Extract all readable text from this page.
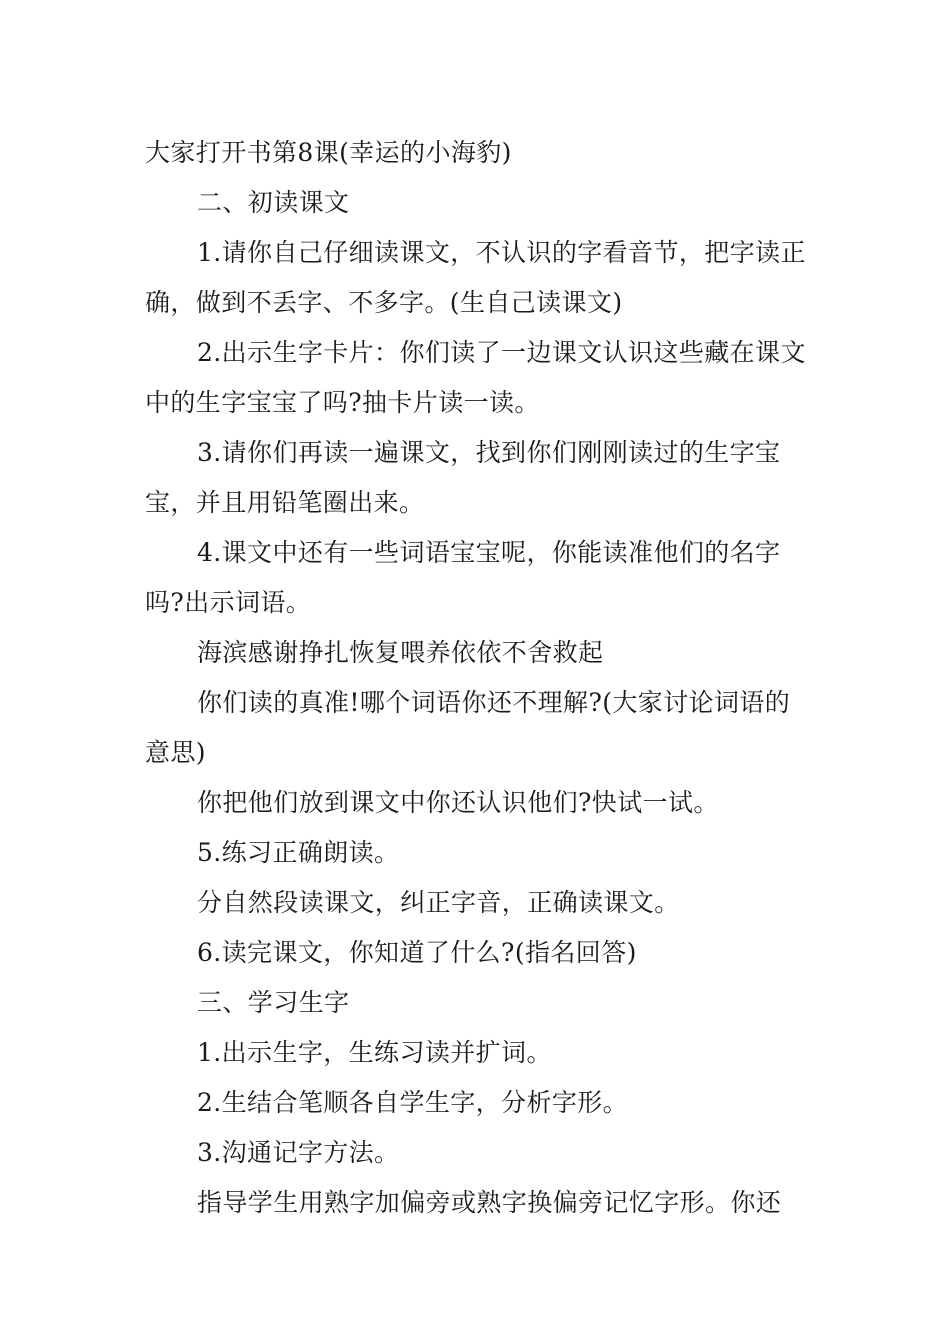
大家打开书第8课(幸运的小海豹)

二、初读课文

1.请你自己仔细读课文，不认识的字看音节，把字读正确，做到不丢字、不多字。(生自己读课文)

2.出示生字卡片：你们读了一边课文认识这些藏在课文中的生字宝宝了吗?抽卡片读一读。

3.请你们再读一遍课文，找到你们刚刚读过的生字宝宝，并且用铅笔圈出来。

4.课文中还有一些词语宝宝呢，你能读准他们的名字吗?出示词语。

海滨感谢挣扎恢复喂养依依不舍救起

你们读的真准!哪个词语你还不理解?(大家讨论词语的意思)

你把他们放到课文中你还认识他们?快试一试。

5.练习正确朗读。

分自然段读课文，纠正字音，正确读课文。

6.读完课文，你知道了什么?(指名回答)

三、学习生字

1.出示生字，生练习读并扩词。

2.生结合笔顺各自学生字，分析字形。

3.沟通记字方法。

指导学生用熟字加偏旁或熟字换偏旁记忆字形。你还
